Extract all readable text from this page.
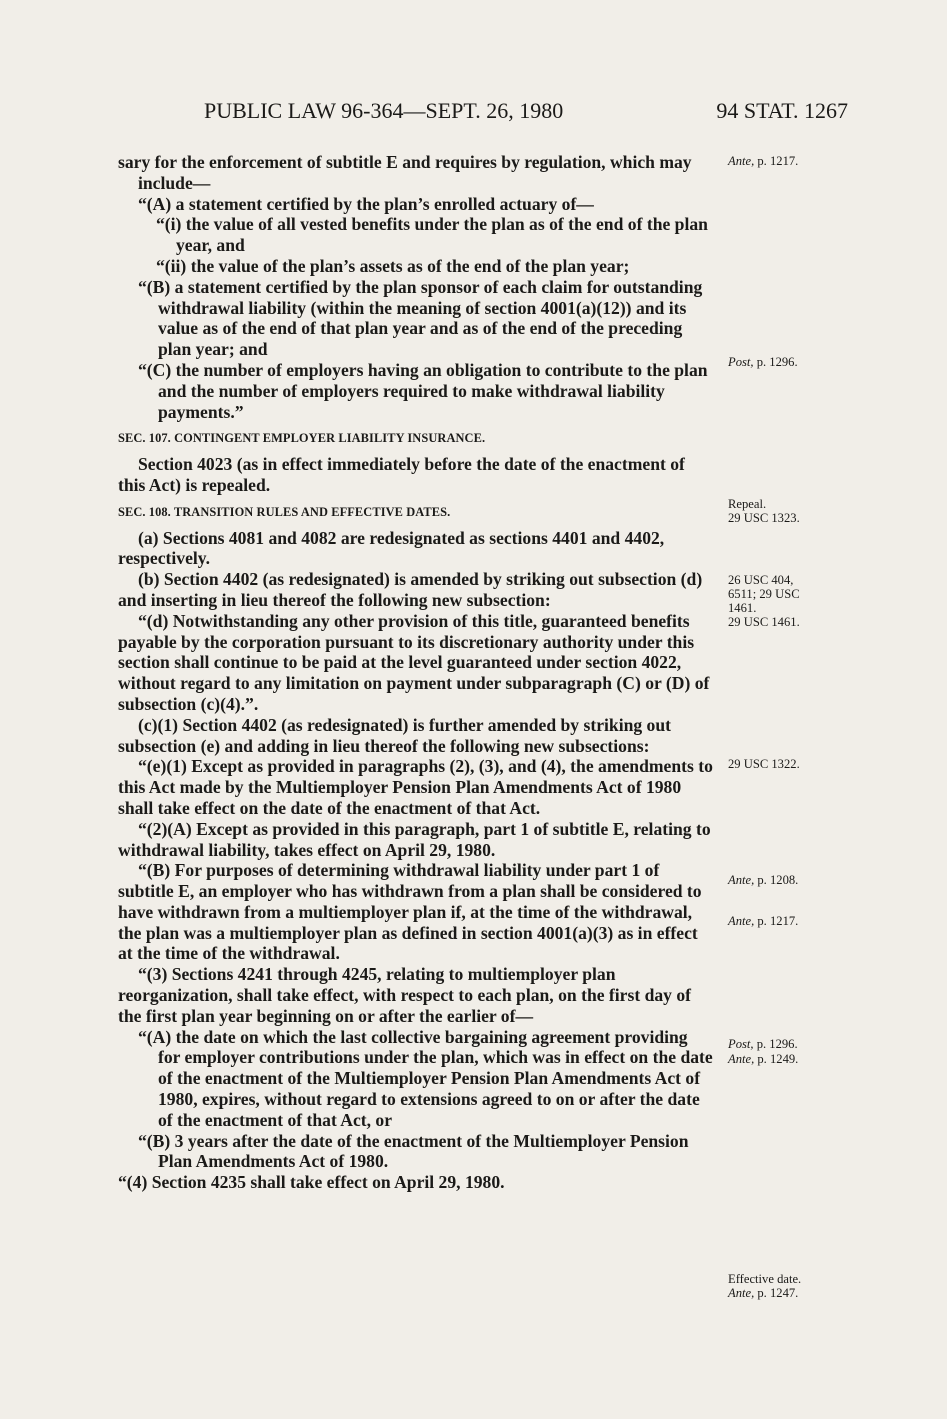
PUBLIC LAW 96-364—SEPT. 26, 1980	94 STAT. 1267

sary for the enforcement of subtitle E and requires by regulation, which may include—

“(A) a statement certified by the plan’s enrolled actuary of—

“(i) the value of all vested benefits under the plan as of the end of the plan year, and

“(ii) the value of the plan’s assets as of the end of the plan year;

“(B) a statement certified by the plan sponsor of each claim for outstanding withdrawal liability (within the meaning of section 4001(a)(12)) and its value as of the end of that plan year and as of the end of the preceding plan year; and

“(C) the number of employers having an obligation to contribute to the plan and the number of employers required to make withdrawal liability payments.”

SEC. 107. CONTINGENT EMPLOYER LIABILITY INSURANCE.

Section 4023 (as in effect immediately before the date of the enactment of this Act) is repealed.

SEC. 108. TRANSITION RULES AND EFFECTIVE DATES.

(a) Sections 4081 and 4082 are redesignated as sections 4401 and 4402, respectively.

(b) Section 4402 (as redesignated) is amended by striking out subsection (d) and inserting in lieu thereof the following new subsection:

“(d) Notwithstanding any other provision of this title, guaranteed benefits payable by the corporation pursuant to its discretionary authority under this section shall continue to be paid at the level guaranteed under section 4022, without regard to any limitation on payment under subparagraph (C) or (D) of subsection (c)(4).”.

(c)(1) Section 4402 (as redesignated) is further amended by striking out subsection (e) and adding in lieu thereof the following new subsections:

“(e)(1) Except as provided in paragraphs (2), (3), and (4), the amendments to this Act made by the Multiemployer Pension Plan Amendments Act of 1980 shall take effect on the date of the enactment of that Act.

“(2)(A) Except as provided in this paragraph, part 1 of subtitle E, relating to withdrawal liability, takes effect on April 29, 1980.

“(B) For purposes of determining withdrawal liability under part 1 of subtitle E, an employer who has withdrawn from a plan shall be considered to have withdrawn from a multiemployer plan if, at the time of the withdrawal, the plan was a multiemployer plan as defined in section 4001(a)(3) as in effect at the time of the withdrawal.

“(3) Sections 4241 through 4245, relating to multiemployer plan reorganization, shall take effect, with respect to each plan, on the first day of the first plan year beginning on or after the earlier of—

“(A) the date on which the last collective bargaining agreement providing for employer contributions under the plan, which was in effect on the date of the enactment of the Multiemployer Pension Plan Amendments Act of 1980, expires, without regard to extensions agreed to on or after the date of the enactment of that Act, or

“(B) 3 years after the date of the enactment of the Multiemployer Pension Plan Amendments Act of 1980.

“(4) Section 4235 shall take effect on April 29, 1980.

Ante, p. 1217.
Post, p. 1296.
Repeal.
29 USC 1323.
26 USC 404,
6511; 29 USC
1461.
29 USC 1461.
29 USC 1322.
Ante, p. 1208.
Ante, p. 1217.
Post, p. 1296.
Ante, p. 1249.
Effective date.
Ante, p. 1247.
